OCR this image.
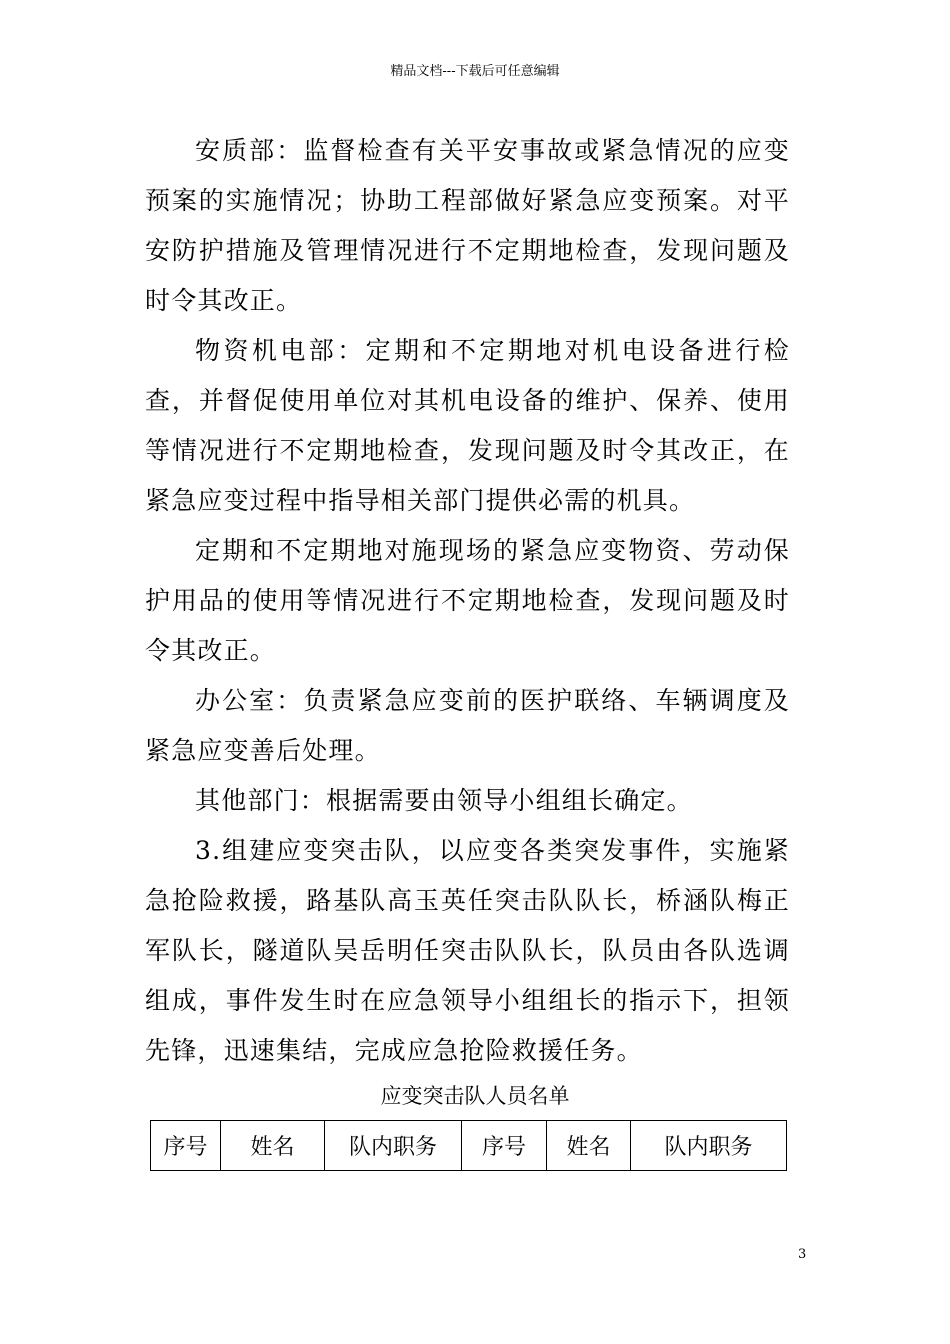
精品文档---下载后可任意编辑

安质部：监督检查有关平安事故或紧急情况的应变预案的实施情况；协助工程部做好紧急应变预案。对平安防护措施及管理情况进行不定期地检查，发现问题及时令其改正。

物资机电部：定期和不定期地对机电设备进行检查，并督促使用单位对其机电设备的维护、保养、使用等情况进行不定期地检查，发现问题及时令其改正，在紧急应变过程中指导相关部门提供必需的机具。

定期和不定期地对施现场的紧急应变物资、劳动保护用品的使用等情况进行不定期地检查，发现问题及时令其改正。

办公室：负责紧急应变前的医护联络、车辆调度及紧急应变善后处理。

其他部门：根据需要由领导小组组长确定。

3.组建应变突击队，以应变各类突发事件，实施紧急抢险救援，路基队高玉英任突击队队长，桥涵队梅正军队长，隧道队吴岳明任突击队队长，队员由各队选调组成，事件发生时在应急领导小组组长的指示下，担领先锋，迅速集结，完成应急抢险救援任务。

应变突击队人员名单
序号	姓名	队内职务	序号	姓名	队内职务
3
